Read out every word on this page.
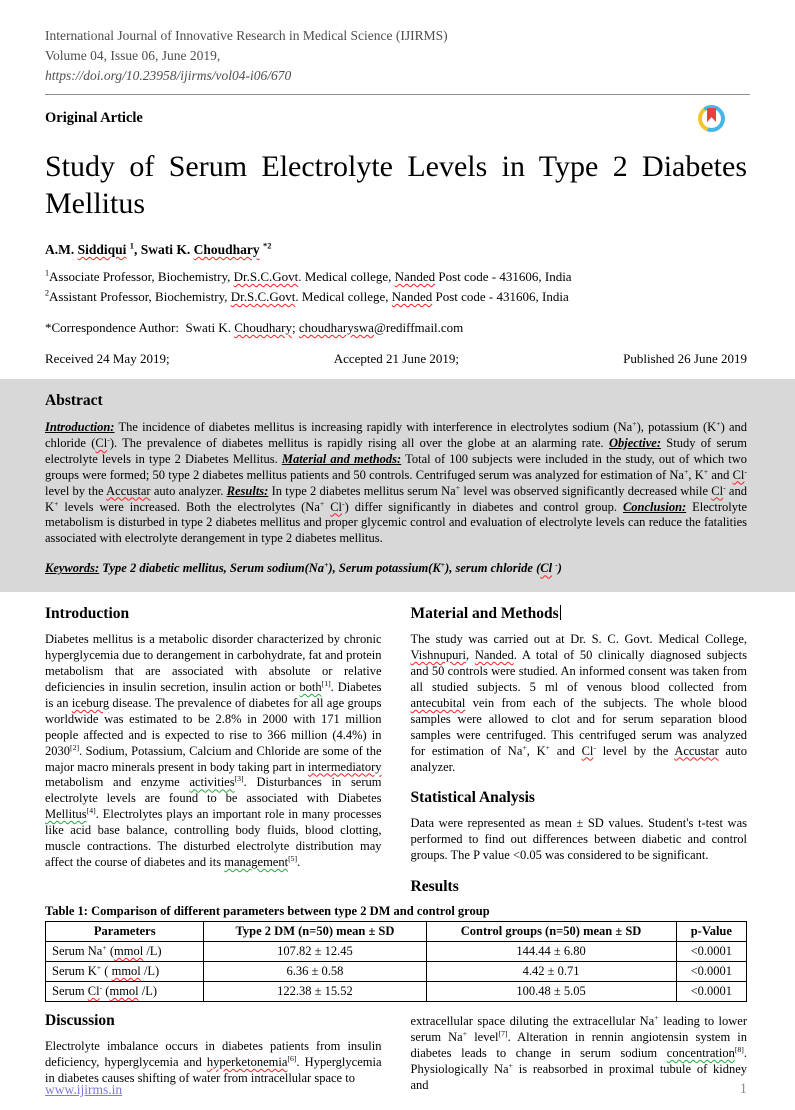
International Journal of Innovative Research in Medical Science (IJIRMS)
Volume 04, Issue 06, June 2019,
https://doi.org/10.23958/ijirms/vol04-i06/670
Original Article
Study of Serum Electrolyte Levels in Type 2 Diabetes Mellitus
A.M. Siddiqui $^1$, Swati K. Choudhary $^{*2}$
$^1$Associate Professor, Biochemistry, Dr.S.C.Govt. Medical college, Nanded Post code - 431606, India
$^2$Assistant Professor, Biochemistry, Dr.S.C.Govt. Medical college, Nanded Post code - 431606, India
*Correspondence Author:  Swati K. Choudhary; choudharyswa@rediffmail.com
Received 24 May 2019;	Accepted 21 June 2019;	Published 26 June 2019
Abstract

Introduction: The incidence of diabetes mellitus is increasing rapidly with interference in electrolytes sodium (Na+), potassium (K+) and chloride (Cl-). The prevalence of diabetes mellitus is rapidly rising all over the globe at an alarming rate. Objective: Study of serum electrolyte levels in type 2 Diabetes Mellitus. Material and methods: Total of 100 subjects were included in the study, out of which two groups were formed; 50 type 2 diabetes mellitus patients and 50 controls. Centrifuged serum was analyzed for estimation of Na+, K+ and Cl- level by the Accustar auto analyzer. Results: In type 2 diabetes mellitus serum Na+ level was observed significantly decreased while Cl- and K+ levels were increased. Both the electrolytes (Na+ Cl-) differ significantly in diabetes and control group. Conclusion: Electrolyte metabolism is disturbed in type 2 diabetes mellitus and proper glycemic control and evaluation of electrolyte levels can reduce the fatalities associated with electrolyte derangement in type 2 diabetes mellitus.

Keywords: Type 2 diabetic mellitus, Serum sodium(Na+), Serum potassium(K+), serum chloride (Cl -)
Introduction

Diabetes mellitus is a metabolic disorder characterized by chronic hyperglycemia due to derangement in carbohydrate, fat and protein metabolism that are associated with absolute or relative deficiencies in insulin secretion, insulin action or both[1]. Diabetes is an iceburg disease. The prevalence of diabetes for all age groups worldwide was estimated to be 2.8% in 2000 with 171 million people affected and is expected to rise to 366 million (4.4%) in 2030[2]. Sodium, Potassium, Calcium and Chloride are some of the major macro minerals present in body taking part in intermediatory metabolism and enzyme activities[3]. Disturbances in serum electrolyte levels are found to be associated with Diabetes Mellitus[4]. Electrolytes plays an important role in many processes like acid base balance, controlling body fluids, blood clotting, muscle contractions. The disturbed electrolyte distribution may affect the course of diabetes and its management[5].

Material and Methods

The study was carried out at Dr. S. C. Govt. Medical College, Vishnupuri, Nanded. A total of 50 clinically diagnosed subjects and 50 controls were studied. An informed consent was taken from all studied subjects. 5 ml of venous blood collected from antecubital vein from each of the subjects. The whole blood samples were allowed to clot and for serum separation blood samples were centrifuged. This centrifuged serum was analyzed for estimation of Na+, K+ and Cl- level by the Accustar auto analyzer.

Statistical Analysis

Data were represented as mean ± SD values. Student's t-test was performed to find out differences between diabetic and control groups. The P value <0.05 was considered to be significant.

Results
Table 1: Comparison of different parameters between type 2 DM and control group
Parameters	Type 2 DM (n=50) mean ± SD	Control groups (n=50) mean ± SD	p-Value
Serum Na+ (mmol /L)	107.82 ± 12.45	144.44 ± 6.80	<0.0001
Serum K+ ( mmol /L)	6.36 ± 0.58	4.42 ± 0.71	<0.0001
Serum Cl- (mmol /L)	122.38 ± 15.52	100.48 ± 5.05	<0.0001
Discussion

Electrolyte imbalance occurs in diabetes patients from insulin deficiency, hyperglycemia and hyperketonemia[6]. Hyperglycemia in diabetes causes shifting of water from intracellular space to

extracellular space diluting the extracellular Na+ leading to lower serum Na+ level[7]. Alteration in rennin angiotensin system in diabetes leads to change in serum sodium concentration[8]. Physiologically Na+ is reabsorbed in proximal tubule of kidney and

www.ijirms.in	1
